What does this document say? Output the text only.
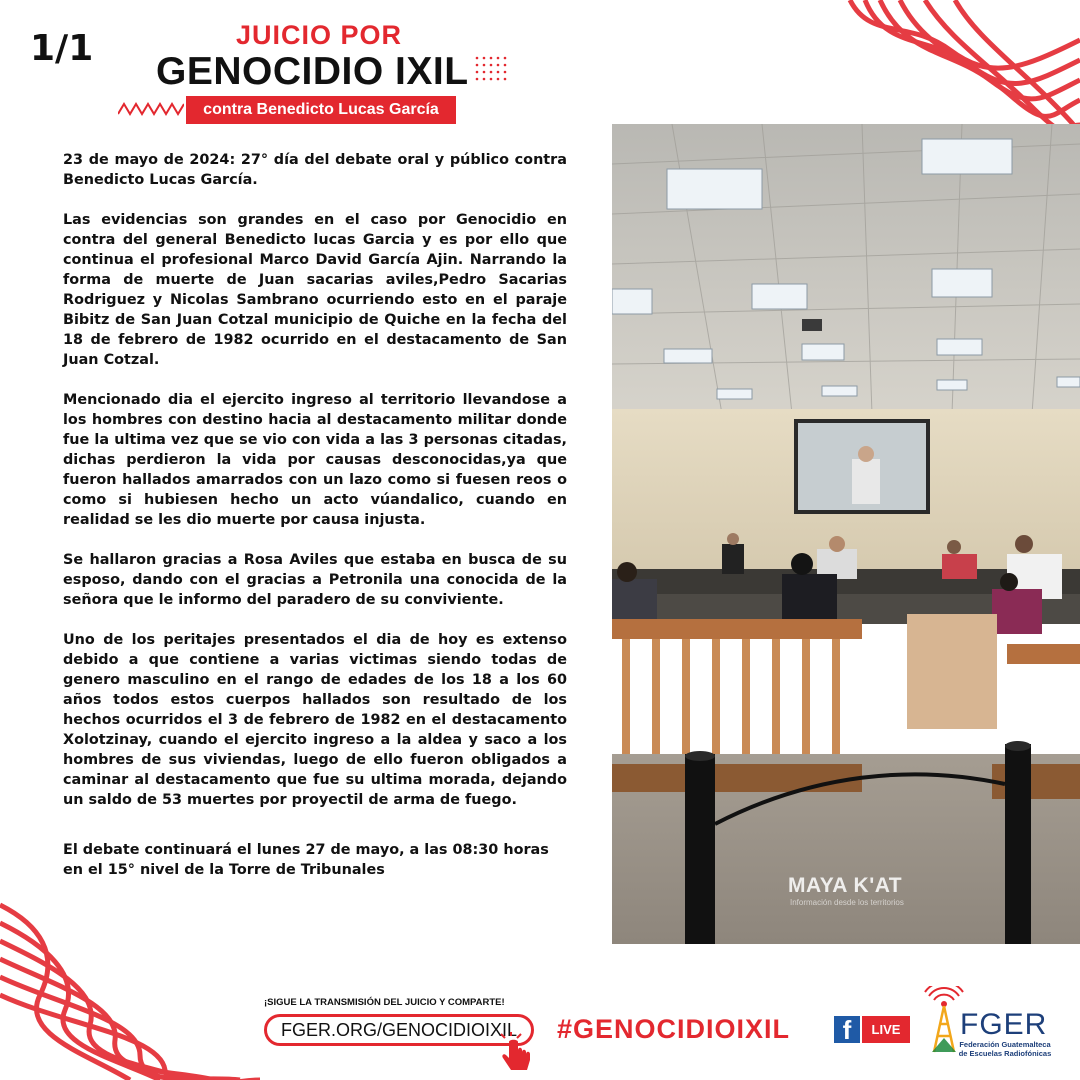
1/1	JUICIO POR
GENOCIDIO IXIL
contra Benedicto Lucas García

23 de mayo de 2024: 27° día del debate oral y público contra Benedicto Lucas García.

Las evidencias son grandes en el caso por Genocidio en contra del general Benedicto lucas Garcia y es por ello que continua el profesional Marco David García Ajin. Narrando la forma de muerte de Juan sacarias aviles,Pedro Sacarias Rodriguez y Nicolas Sambrano ocurriendo esto en el paraje Bibitz de San Juan Cotzal municipio de Quiche en la fecha del 18 de febrero de 1982 ocurrido en el destacamento de San Juan Cotzal.

Mencionado dia el ejercito ingreso al territorio llevandose a los hombres con destino hacia al destacamento militar donde fue la ultima vez que se vio con vida a las 3 personas citadas, dichas perdieron la vida por causas desconocidas,ya que fueron hallados amarrados con un lazo como si fuesen reos o como si hubiesen hecho un acto vúandalico, cuando en realidad se les dio muerte por causa injusta.

Se hallaron gracias a Rosa Aviles que estaba en busca de su esposo, dando con el gracias a Petronila una conocida de la señora que le informo del paradero de su conviviente.

Uno de los peritajes presentados el dia de hoy es extenso debido a que contiene a varias victimas siendo todas de genero masculino en el rango de edades de los 18 a los 60 años todos estos cuerpos hallados son resultado de los hechos ocurridos el 3 de febrero de 1982 en el destacamento Xolotzinay, cuando el ejercito ingreso a la aldea y saco a los hombres de sus viviendas, luego de ello fueron obligados a caminar al destacamento que fue su ultima morada, dejando un saldo de 53 muertes por proyectil de arma de fuego.

El debate continuará el lunes 27 de mayo, a las 08:30 horas en el 15° nivel de la Torre de Tribunales

MAYA K'AT
Información desde los territorios
¡SIGUE LA TRANSMISIÓN DEL JUICIO Y COMPARTE!
FGER.ORG/GENOCIDIOIXIL #GENOCIDIOIXIL f	LIVE	FGER
Federación Guatemalteca de Escuelas Radiofónicas
